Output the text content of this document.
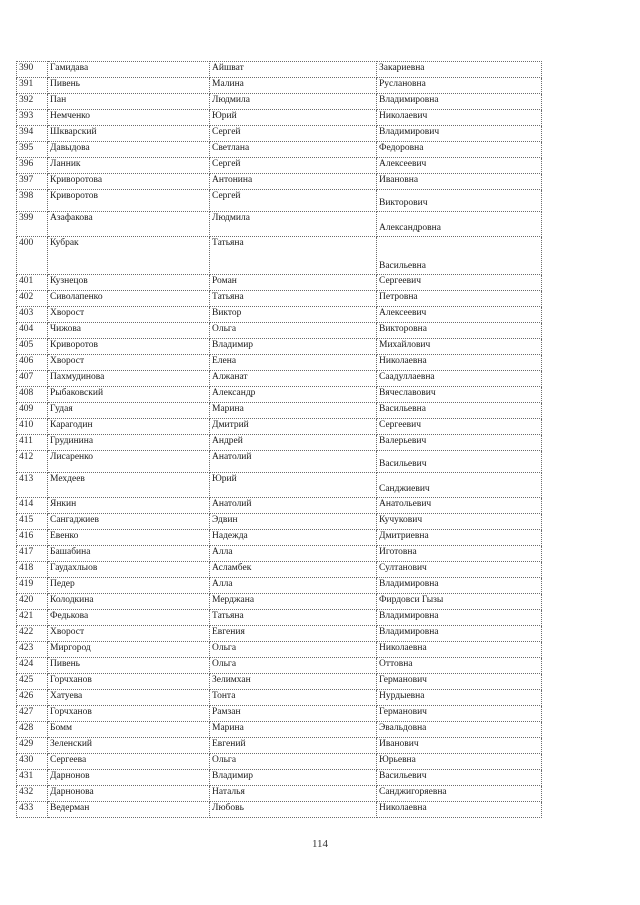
390	Гамидава	Айшват	Закариевна
391	Пивень	Малина	Руслановна
392	Пан	Людмила	Владимировна
393	Немченко	Юрий	Николаевич
394	Шкварский	Сергей	Владимирович
395	Давыдова	Светлана	Федоровна
396	Ланник	Сергей	Алексеевич
397	Криворотова	Антонина	Ивановна
398	Криворотов	Сергей	Викторович
399	Азафакова	Людмила	Александровна
400	Кубрак	Татьяна	Васильевна
401	Кузнецов	Роман	Сергеевич
402	Сиволапенко	Татьяна	Петровна
403	Хворост	Виктор	Алексеевич
404	Чижова	Ольга	Викторовна
405	Криворотов	Владимир	Михайлович
406	Хворост	Елена	Николаевна
407	Пахмудинова	Алжанат	Саадуллаевна
408	Рыбаковский	Александр	Вячеславович
409	Гудая	Марина	Васильевна
410	Карагодин	Дмитрий	Сергеевич
411	Грудинина	Андрей	Валерьевич
412	Лисаренко	Анатолий	Васильевич
413	Мехдеев	Юрий	Санджиевич
414	Янкин	Анатолий	Анатольевич
415	Сангаджиев	Эдвин	Кучукович
416	Евенко	Надежда	Дмитриевна
417	Башабина	Алла	Иготовна
418	Гаудахлыов	Асламбек	Султанович
419	Педер	Алла	Владимировна
420	Колодкина	Мерджана	Фирдовси Гызы
421	Федькова	Татьяна	Владимировна
422	Хворост	Евгения	Владимировна
423	Миргород	Ольга	Николаевна
424	Пивень	Ольга	Оттовна
425	Горчханов	Зелимхан	Германович
426	Хатуева	Тонта	Нурдыевна
427	Горчханов	Рамзан	Германович
428	Бомм	Марина	Эвальдовна
429	Зеленский	Евгений	Иванович
430	Сергеева	Ольга	Юрьевна
431	Дарнонов	Владимир	Васильевич
432	Дарнонова	Наталья	Санджигоряевна
433	Ведерман	Любовь	Николаевна
114
